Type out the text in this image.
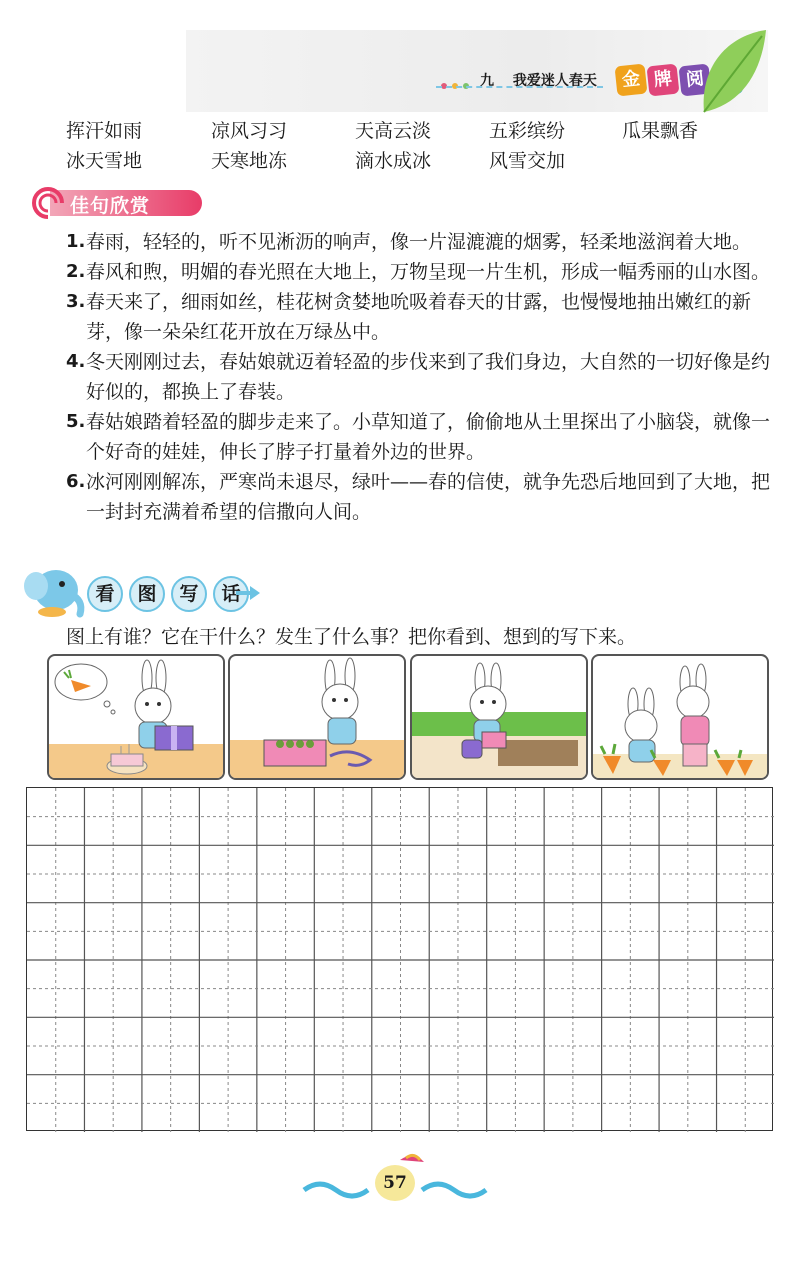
九 我爱迷人春天	金 牌 阅
挥汗如雨	凉风习习	天高云淡	五彩缤纷	瓜果飘香
冰天雪地	天寒地冻	滴水成冰	风雪交加
佳句欣赏
1. 春雨，轻轻的，听不见淅沥的响声，像一片湿漉漉的烟雾，轻柔地滋润着大地。
2. 春风和煦，明媚的春光照在大地上，万物呈现一片生机，形成一幅秀丽的山水图。
3. 春天来了，细雨如丝，桂花树贪婪地吮吸着春天的甘露，也慢慢地抽出嫩红的新芽，像一朵朵红花开放在万绿丛中。
4. 冬天刚刚过去，春姑娘就迈着轻盈的步伐来到了我们身边，大自然的一切好像是约好似的，都换上了春装。
5. 春姑娘踏着轻盈的脚步走来了。小草知道了，偷偷地从土里探出了小脑袋，就像一个好奇的娃娃，伸长了脖子打量着外边的世界。
6. 冰河刚刚解冻，严寒尚未退尽，绿叶——春的信使，就争先恐后地回到了大地，把一封封充满着希望的信撒向人间。
看	图	写	话
图上有谁？它在干什么？发生了什么事？把你看到、想到的写下来。
57
